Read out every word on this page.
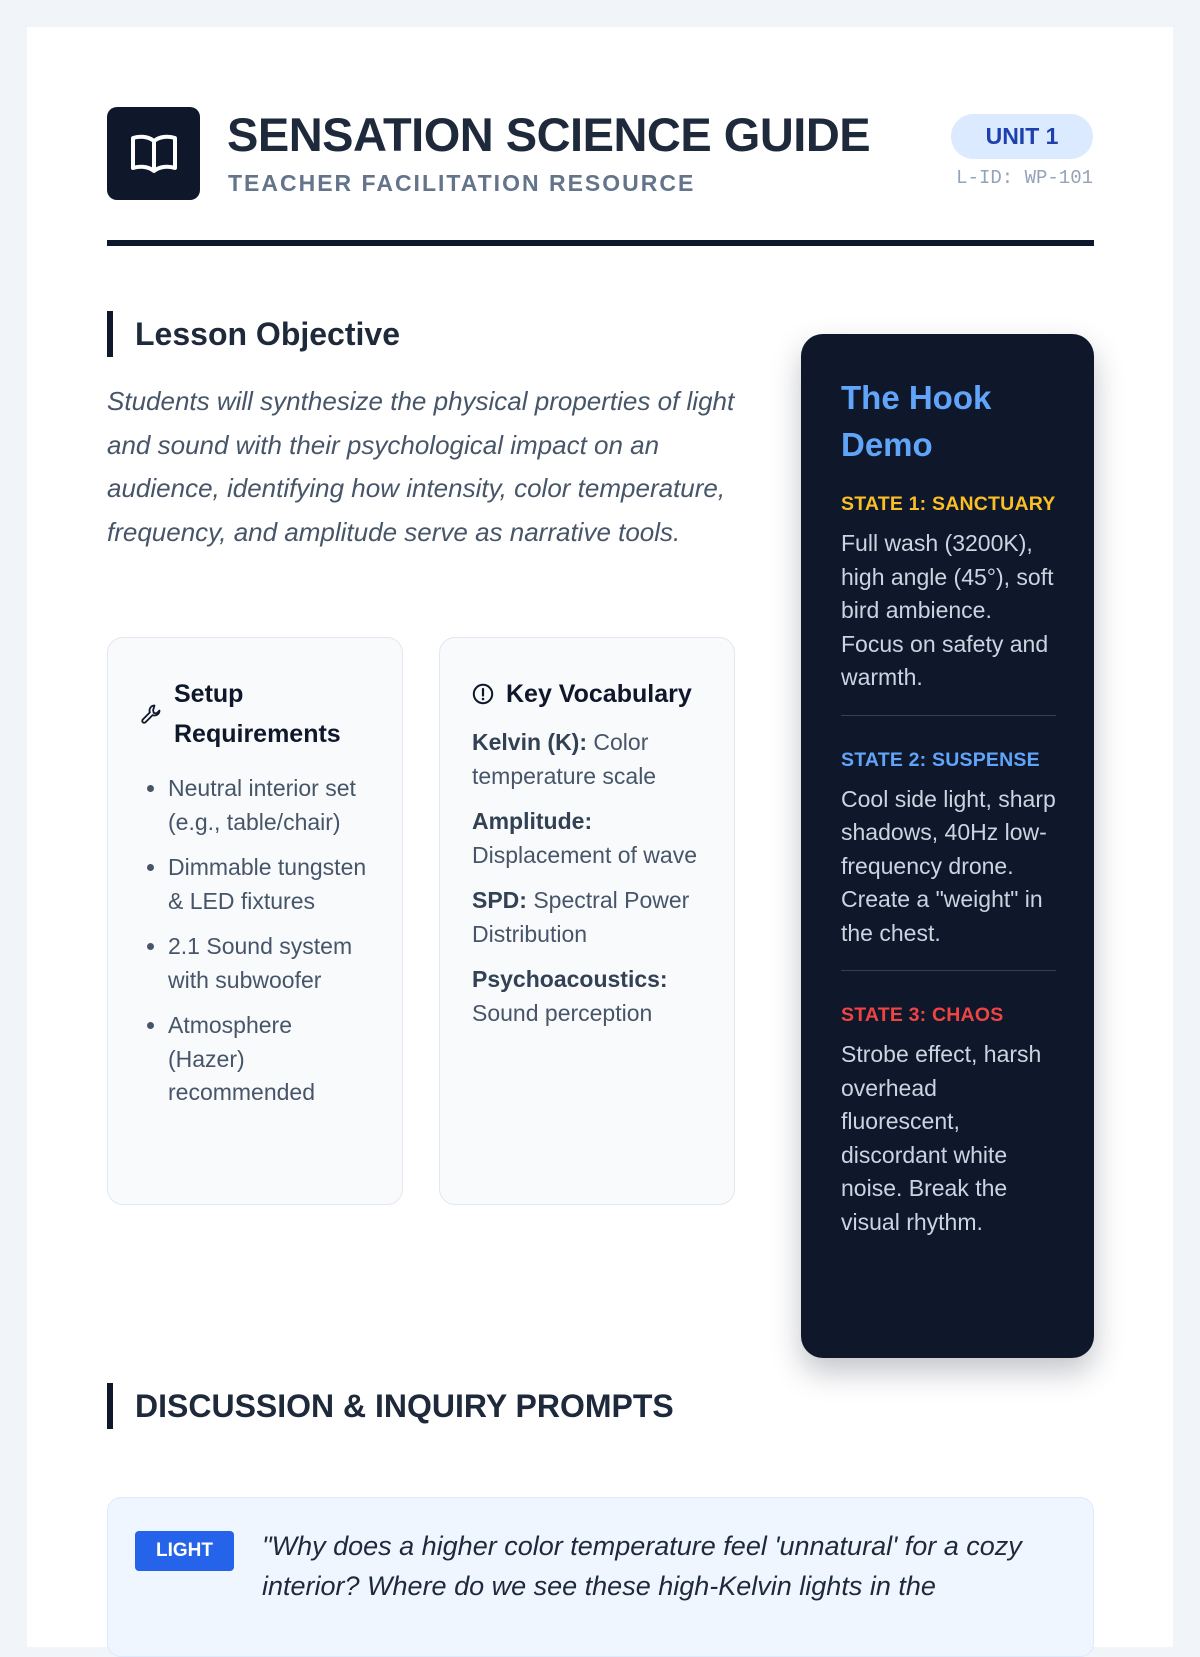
SENSATION SCIENCE GUIDE

TEACHER FACILITATION RESOURCE

UNIT 1
L-ID: WP-101
Lesson Objective

Students will synthesize the physical properties of light and sound with their psychological impact on an audience, identifying how intensity, color temperature, frequency, and amplitude serve as narrative tools.

Setup Requirements
• Neutral interior set (e.g., table/chair)
• Dimmable tungsten & LED fixtures
• 2.1 Sound system with subwoofer
• Atmosphere (Hazer) recommended
Key Vocabulary
Kelvin (K): Color temperature scale
Amplitude: Displacement of wave
SPD: Spectral Power Distribution
Psychoacoustics: Sound perception
The Hook Demo
STATE 1: SANCTUARY
Full wash (3200K), high angle (45°), soft bird ambience. Focus on safety and warmth.
STATE 2: SUSPENSE
Cool side light, sharp shadows, 40Hz low-frequency drone. Create a "weight" in the chest.
STATE 3: CHAOS
Strobe effect, harsh overhead fluorescent, discordant white noise. Break the visual rhythm.
DISCUSSION & INQUIRY PROMPTS
LIGHT	"Why does a higher color temperature feel 'unnatural' for a cozy interior? Where do we see these high-Kelvin lights in the
